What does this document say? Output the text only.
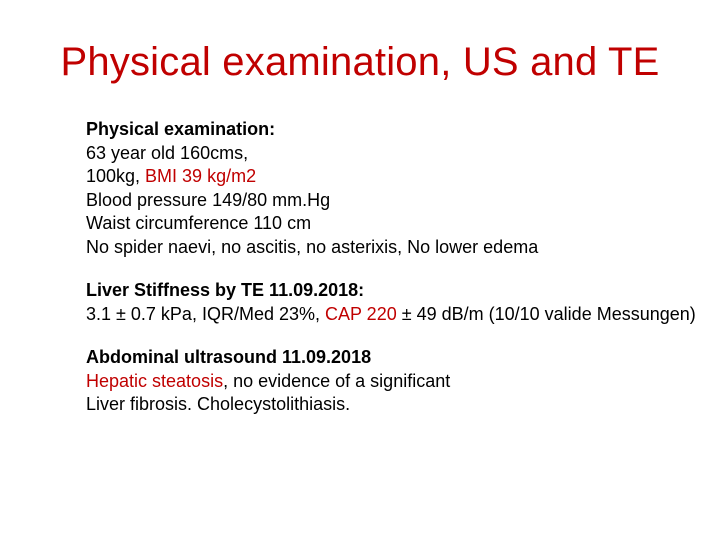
Physical examination, US and TE
Physical examination:
63 year old 160cms,
100kg, BMI 39 kg/m2
Blood pressure 149/80 mm.Hg
Waist circumference 110 cm
No spider naevi, no ascitis, no asterixis, No lower edema
Liver Stiffness by TE 11.09.2018:
3.1 ± 0.7 kPa, IQR/Med 23%, CAP 220 ± 49 dB/m (10/10 valide Messungen)
Abdominal ultrasound 11.09.2018
Hepatic steatosis, no evidence of a significant
Liver fibrosis. Cholecystolithiasis.
